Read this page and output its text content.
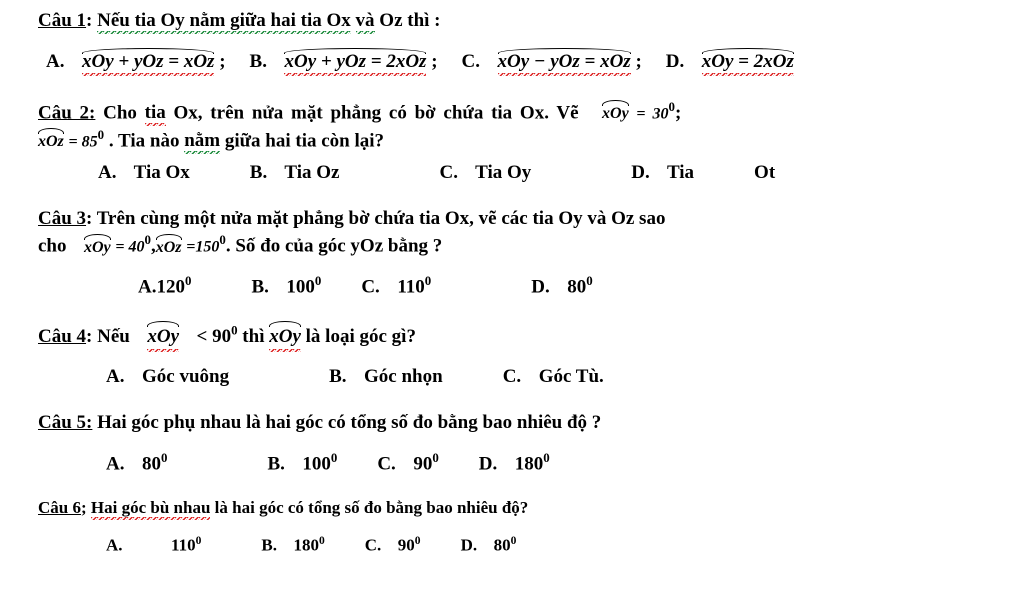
Câu 1: Nếu tia Oy nằm giữa hai tia Ox và Oz thì :
A. xOy + yOz = xOz ; B. xOy + yOz = 2xOz ; C. xOy − yOz = xOz ; D. xOy = 2xOz
Câu 2: Cho tia Ox, trên nửa mặt phẳng có bờ chứa tia Ox. Vẽ xOy = $30^0$;
xOz = $85^0$ . Tia nào nằm giữa hai tia còn lại?
A. Tia Ox	B. Tia Oz	C. Tia Oy	D. Tia	Ot
Câu 3: Trên cùng một nửa mặt phẳng bờ chứa tia Ox, vẽ các tia Oy và Oz sao
cho xOy = $40^0,xOz =150^0$. Số đo của góc yOz bằng ?
A.120$^0$	B. $100^0$ C. $110^0$	D. $80^0$
Câu 4: Nếu xOy < $90^0$ thì xOy là loại góc gì?
A. Góc vuông	B. Góc nhọn	C. Góc Tù.
Câu 5: Hai góc phụ nhau là hai góc có tổng số đo bằng bao nhiêu độ ?
A. $80^0$	B. $100^0$ C. $90^0$ D. $180^0$
Câu 6; Hai góc bù nhau là hai góc có tổng số đo bằng bao nhiêu độ?
A.	$110^0$	B. $180^0$ C. $90^0$ D. $80^0$
